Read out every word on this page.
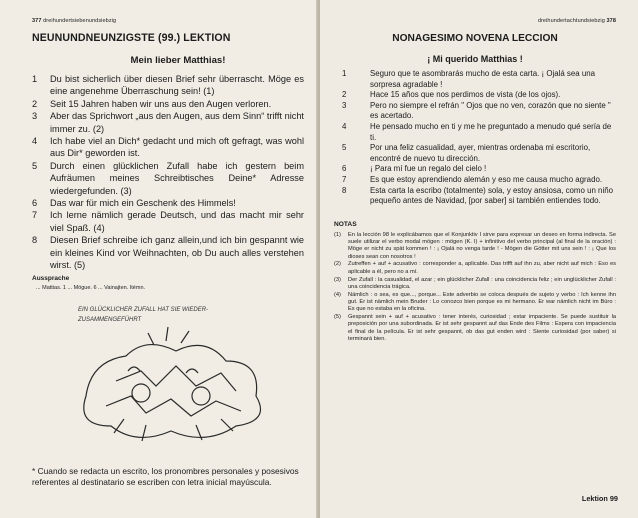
377 dreihundertsiebenundsiebzig
NEUNUNDNEUNZIGSTE (99.) LEKTION
Mein lieber Matthias!
1	Du bist sicherlich über diesen Brief sehr überrascht. Möge es eine angenehme Überraschung sein! (1)
2	Seit 15 Jahren haben wir uns aus den Augen verloren.
3	Aber das Sprichwort „aus den Augen, aus dem Sinn“ trifft nicht immer zu. (2)
4	Ich habe viel an Dich* gedacht und mich oft gefragt, was wohl aus Dir* geworden ist.
5	Durch einen glücklichen Zufall habe ich gestern beim Aufräumen meines Schreibtisches Deine* Adresse wiedergefunden. (3)
6	Das war für mich ein Geschenk des Himmels!
7	Ich lerne nämlich gerade Deutsch, und das macht mir sehr viel Spaß. (4)
8	Diesen Brief schreibe ich ganz allein,und ich bin gespannt wie ein kleines Kind vor Weihnachten, ob Du auch alles verstehen wirst. (5)
Aussprache
... Mattias. 1 ... Mögue. 6 ... Vainajten. Itémn.
EIN GLÜCKLICHER ZUFALL HAT SIE WIEDER-
ZUSAMMENGEFÜHRT
* Cuando se redacta un escrito, los pronombres personales y posesivos referentes al destinatario se escriben con letra inicial mayúscula.
dreihundertachtundsiebzig 378
NONAGESIMO NOVENA LECCION
¡ Mi querido Matthias !
1	Seguro que te asombrarás mucho de esta carta. ¡ Ojalá sea una sorpresa agradable !
2	Hace 15 años que nos perdimos de vista (de los ojos).
3	Pero no siempre el refrán " Ojos que no ven, corazón que no siente " es acertado.
4	He pensado mucho en ti y me he preguntado a menudo qué sería de ti.
5	Por una feliz casualidad, ayer, mientras ordenaba mi escritorio, encontré de nuevo tu dirección.
6	¡ Para mí fue un regalo del cielo !
7	Es que estoy aprendiendo alemán y eso me causa mucho agrado.
8	Esta carta la escribo (totalmente) sola, y estoy ansiosa, como un niño pequeño antes de Navidad, [por saber] si también entiendes todo.
NOTAS
(1)	En la lección 98 le explicábamos que el Konjunktiv I sirve para expresar un deseo en forma indirecta. Se suele utilizar el verbo modal mögen : mögen (K. I) + infinitivo del verbo principal (al final de la oración) : Möge er nicht zu spät kommen ! : ¡ Ojalá no venga tarde ! - Mögen die Götter mit uns sein ! : ¡ Que los dioses sean con nosotros !
(2)	Zutreffen + auf + acusativo : corresponder a, aplicable. Das trifft auf ihn zu, aber nicht auf mich : Eso es aplicable a él, pero no a mí.
(3)	Der Zufall : la casualidad, el azar ; ein glücklicher Zufall : una coincidencia feliz ; ein unglücklicher Zufall : una coincidencia trágica.
(4)	Nämlich : o sea, es que..., porque... Este adverbio se coloca después de sujeto y verbo : Ich kenne ihn gut. Er ist nämlich mein Bruder : Lo conozco bien porque es mi hermano. Er war nämlich nicht im Büro : Es que no estaba en la oficina.
(5)	Gespannt sein + auf + acusativo : tener interés, curiosidad ; estar impaciente. Se puede sustituir la preposición por una subordinada. Er ist sehr gespannt auf das Ende des Films : Espera con impaciencia el final de la película. Er ist sehr gespannt, ob das gut enden wird : Siente curiosidad (por saber) si terminará bien.
Lektion 99
